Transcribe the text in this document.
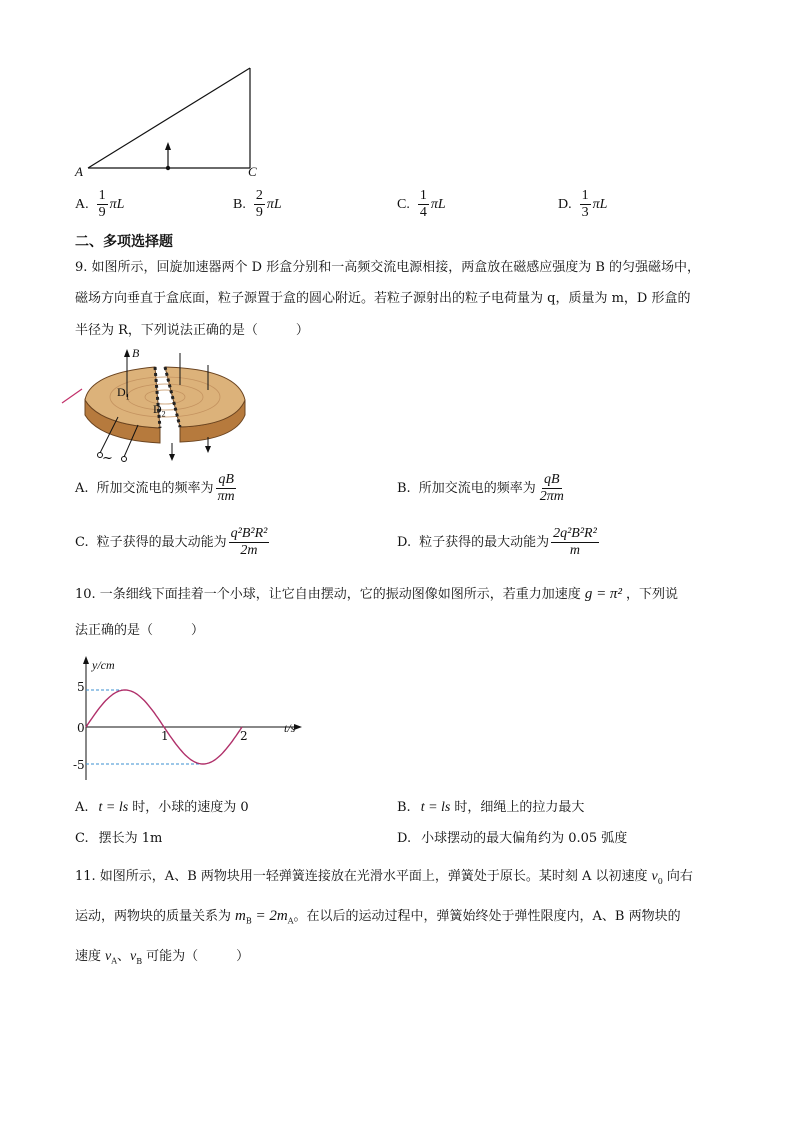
A	C
A. $\frac{1}{9}$ πL	B. $\frac{2}{9}$ πL	C. $\frac{1}{4}$ πL	D. $\frac{1}{3}$ πL
二、多项选择题
9. 如图所示，回旋加速器两个 D 形盒分别和一高频交流电源相接，两盒放在磁感应强度为 B 的匀强磁场中，
磁场方向垂直于盒底面，粒子源置于盒的圆心附近。若粒子源射出的粒子电荷量为 q，质量为 m，D 形盒的
半径为 R，下列说法正确的是（	）
B
$D_1$
$D_2$
~
A. 所加交流电的频率为 $\frac{qB}{\pi m}$	B. 所加交流电的频率为 $\frac{qB}{2\pi m}$
C. 粒子获得的最大动能为 $\frac{\text{q²B²R²}}{2m}$	D. 粒子获得的最大动能为 $\frac{\text{2q²B²R²}}{m}$
10. 一条细线下面挂着一个小球，让它自由摆动，它的振动图像如图所示，若重力加速度 g = π² ，下列说
法正确的是（	）
y/cm
t/s
5
0
-5
1	2
A. t = ls 时，小球的速度为 0	B. t = ls 时，细绳上的拉力最大
C. 摆长为 1m	D. 小球摆动的最大偏角约为 0.05 弧度
11. 如图所示，A、B 两物块用一轻弹簧连接放在光滑水平面上，弹簧处于原长。某时刻 A 以初速度 $v_0$ 向右
运动，两物块的质量关系为 $m_B = 2m_A$。在以后的运动过程中，弹簧始终处于弹性限度内，A、B 两物块的
速度 $v_A$、$v_B$ 可能为（	）
